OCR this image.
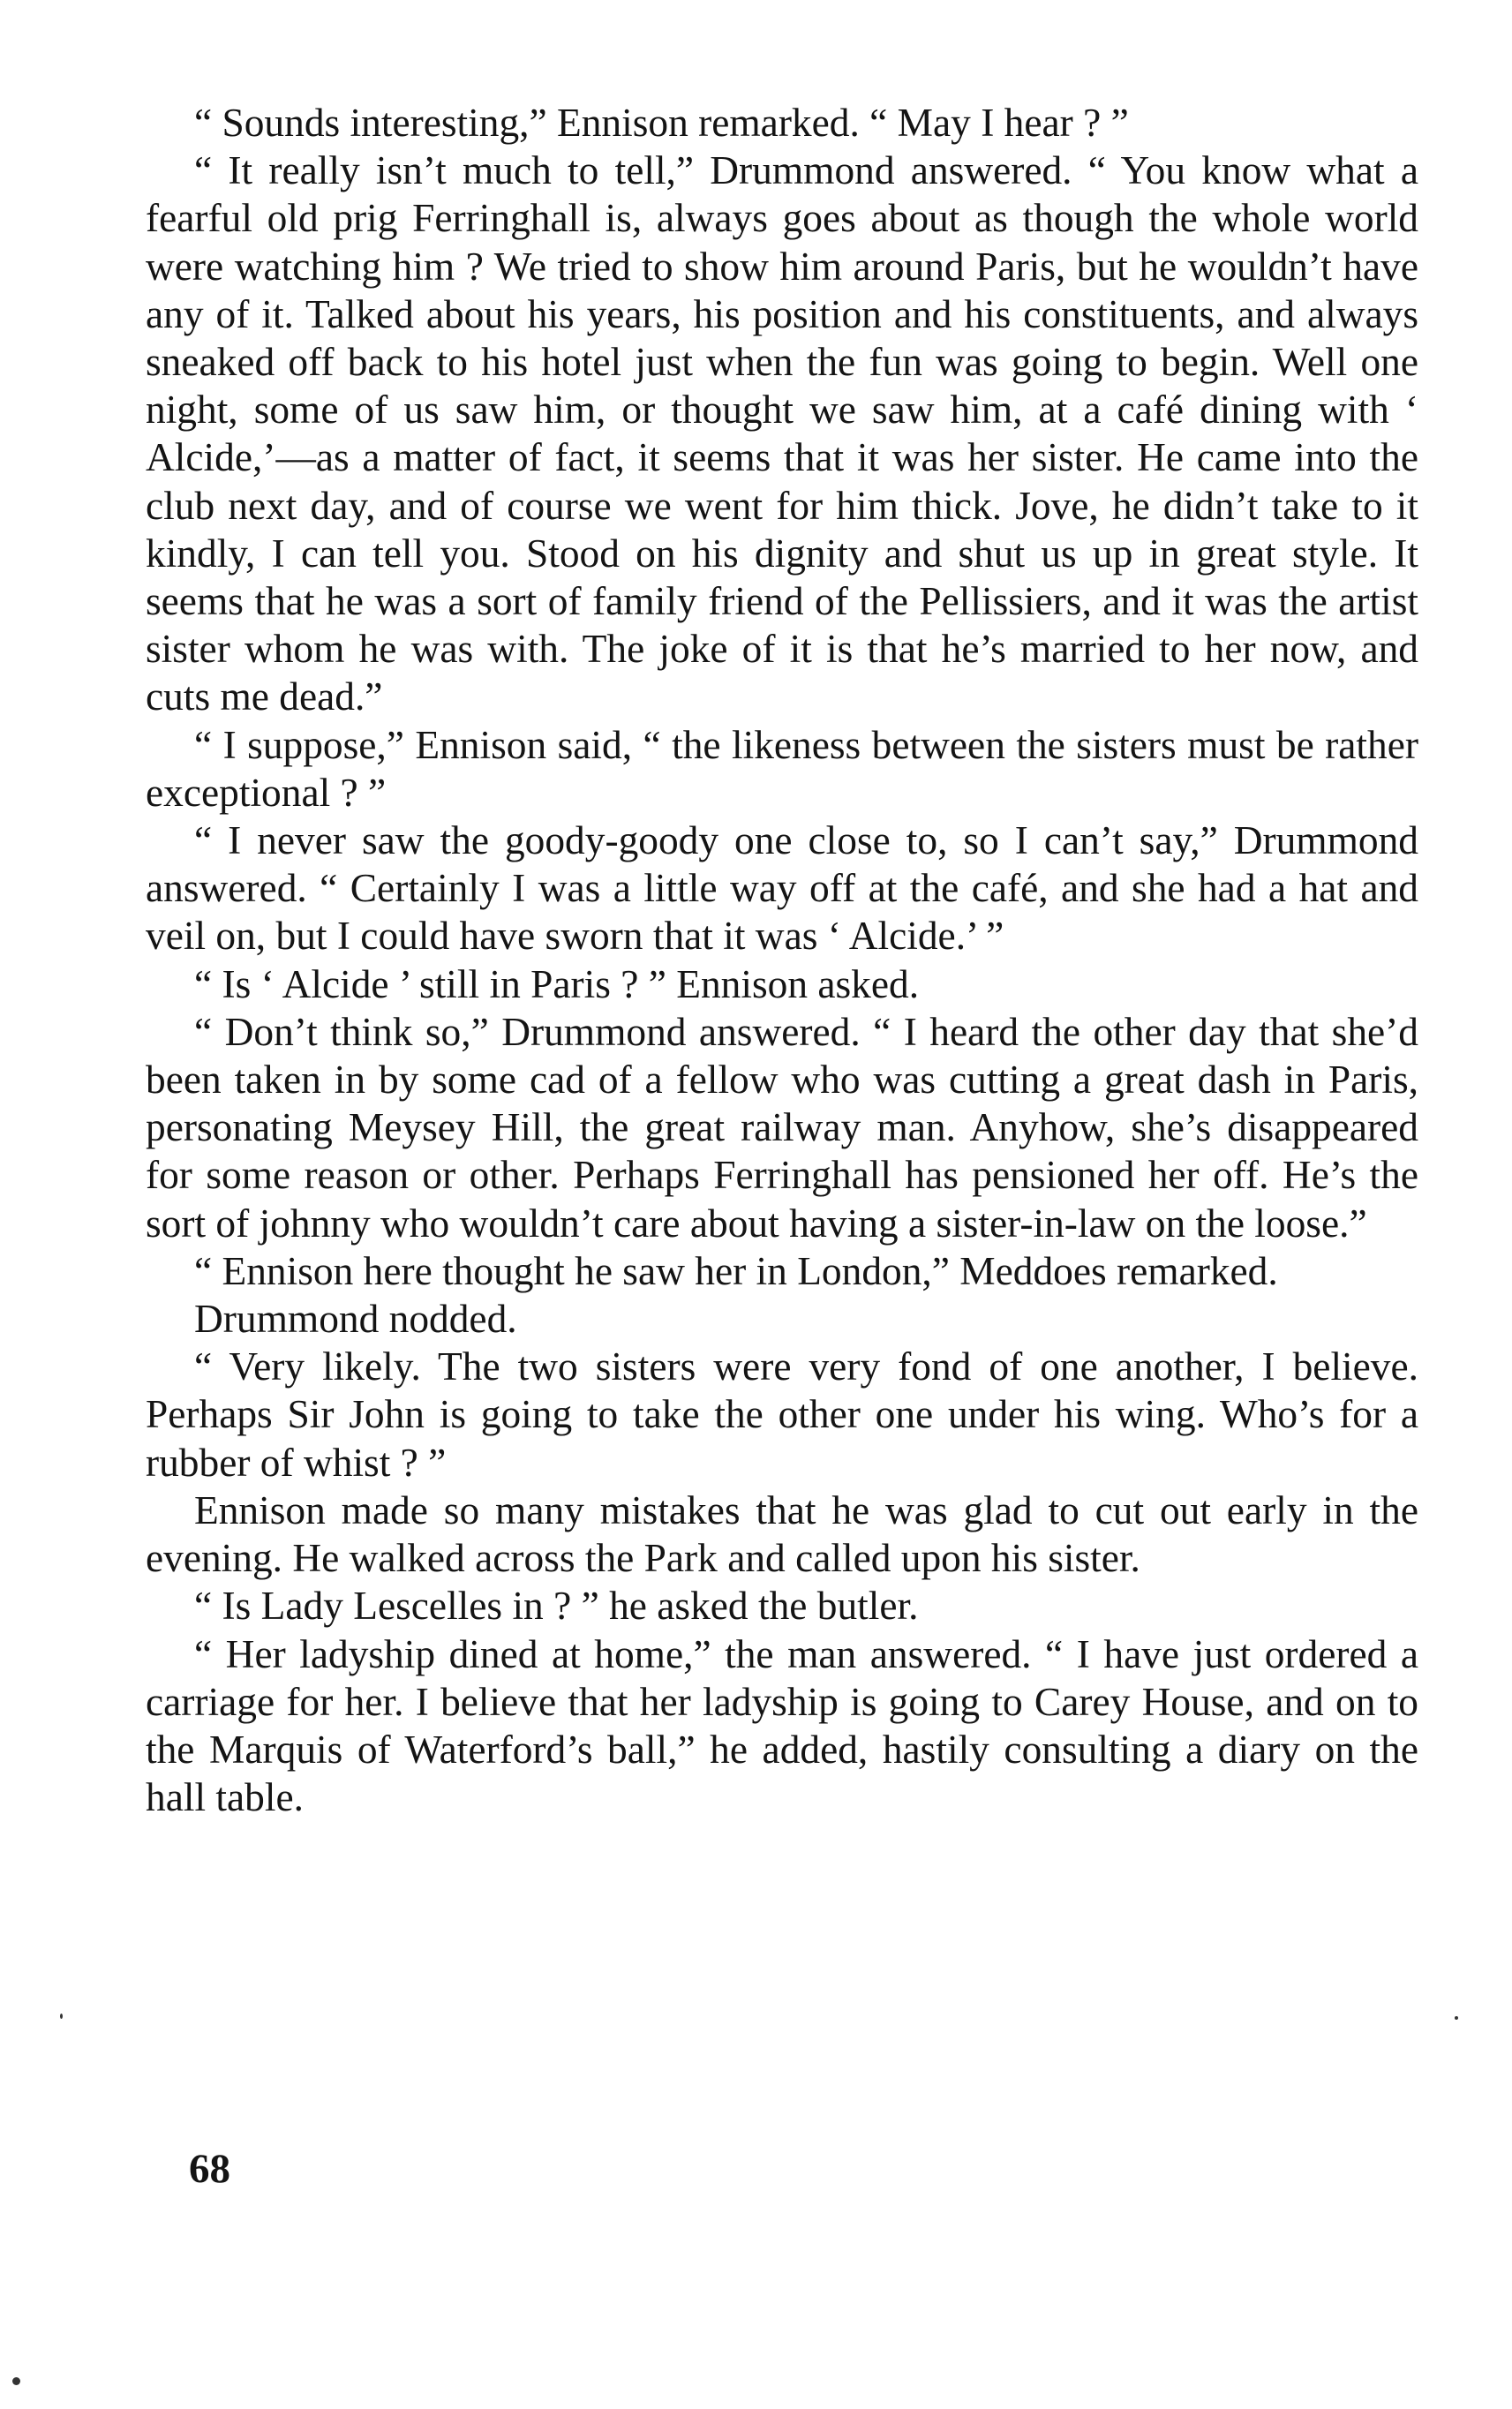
“ Sounds interesting,” Ennison remarked. “ May I hear ? ”

“ It really isn’t much to tell,” Drummond answered. “ You know what a fearful old prig Ferringhall is, always goes about as though the whole world were watching him ? We tried to show him around Paris, but he wouldn’t have any of it. Talked about his years, his position and his constituents, and always sneaked off back to his hotel just when the fun was going to begin. Well one night, some of us saw him, or thought we saw him, at a café dining with ‘ Alcide,’—as a matter of fact, it seems that it was her sister. He came into the club next day, and of course we went for him thick. Jove, he didn’t take to it kindly, I can tell you. Stood on his dignity and shut us up in great style. It seems that he was a sort of family friend of the Pellissiers, and it was the artist sister whom he was with. The joke of it is that he’s married to her now, and cuts me dead.”

“ I suppose,” Ennison said, “ the likeness between the sisters must be rather exceptional ? ”

“ I never saw the goody-goody one close to, so I can’t say,” Drummond answered. “ Certainly I was a little way off at the café, and she had a hat and veil on, but I could have sworn that it was ‘ Alcide.’ ”

“ Is ‘ Alcide ’ still in Paris ? ” Ennison asked.

“ Don’t think so,” Drummond answered. “ I heard the other day that she’d been taken in by some cad of a fellow who was cutting a great dash in Paris, personating Meysey Hill, the great railway man. Anyhow, she’s disappeared for some reason or other. Perhaps Ferringhall has pensioned her off. He’s the sort of johnny who wouldn’t care about having a sister-in-law on the loose.”

“ Ennison here thought he saw her in London,” Meddoes remarked.

Drummond nodded.

“ Very likely. The two sisters were very fond of one another, I believe. Perhaps Sir John is going to take the other one under his wing. Who’s for a rubber of whist ? ”

Ennison made so many mistakes that he was glad to cut out early in the evening. He walked across the Park and called upon his sister.

“ Is Lady Lescelles in ? ” he asked the butler.

“ Her ladyship dined at home,” the man answered. “ I have just ordered a carriage for her. I believe that her ladyship is going to Carey House, and on to the Marquis of Waterford’s ball,” he added, hastily consulting a diary on the hall table.

68
